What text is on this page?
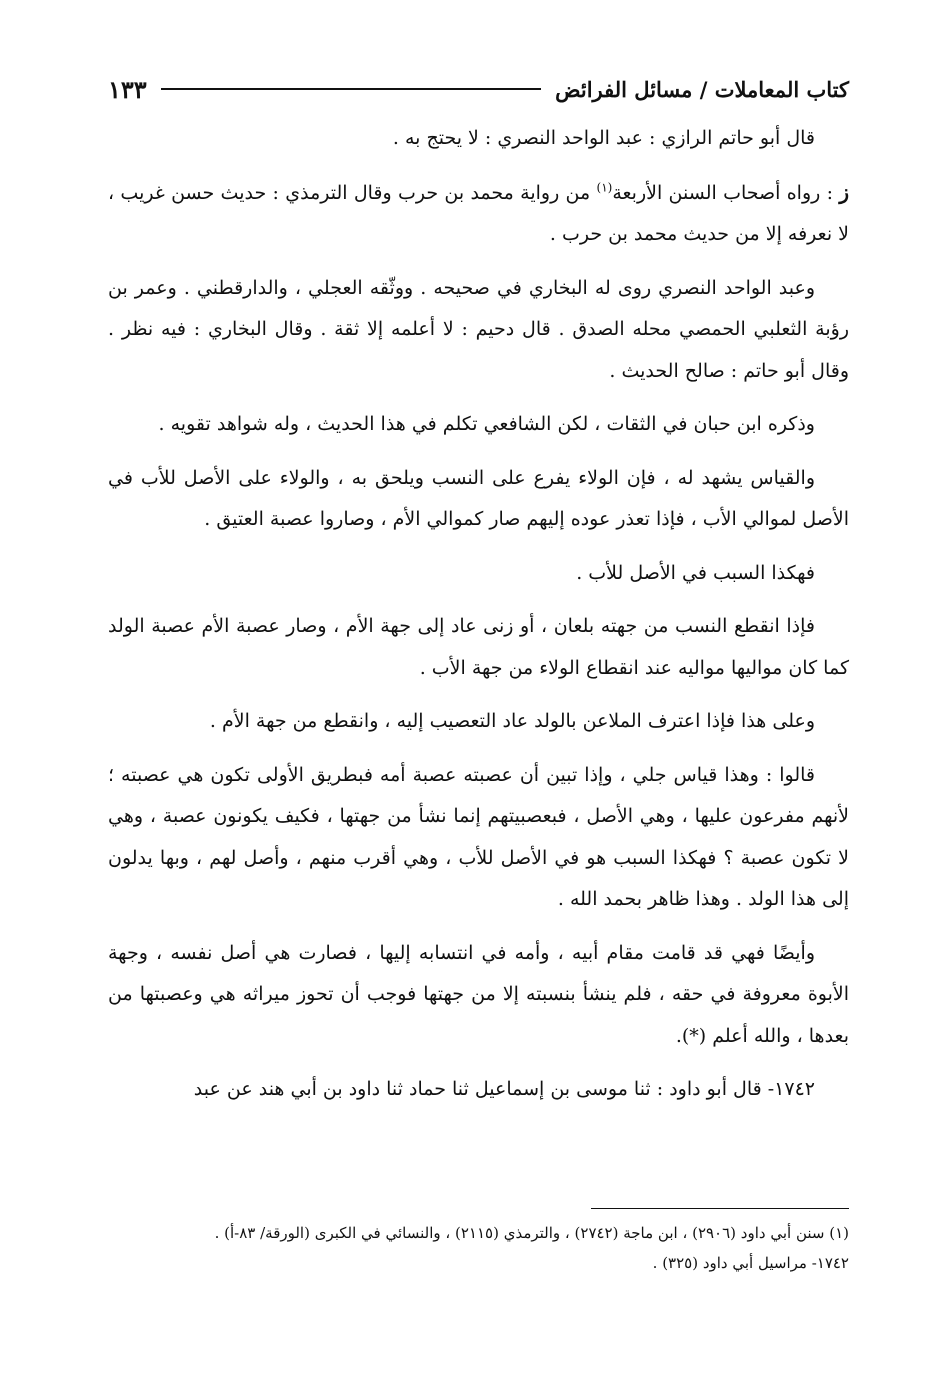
كتاب المعاملات / مسائل الفرائض
١٣٣

قال أبو حاتم الرازي : عبد الواحد النصري : لا يحتج به .

ز : رواه أصحاب السنن الأربعة$^{(١)}$ من رواية محمد بن حرب وقال الترمذي : حديث حسن غريب ، لا نعرفه إلا من حديث محمد بن حرب .

وعبد الواحد النصري روى له البخاري في صحيحه . ووثّقه العجلي ، والدارقطني . وعمر بن رؤبة الثعلبي الحمصي محله الصدق . قال دحيم : لا أعلمه إلا ثقة . وقال البخاري : فيه نظر . وقال أبو حاتم : صالح الحديث .

وذكره ابن حبان في الثقات ، لكن الشافعي تكلم في هذا الحديث ، وله شواهد تقويه .

والقياس يشهد له ، فإن الولاء يفرع على النسب ويلحق به ، والولاء على الأصل للأب في الأصل لموالي الأب ، فإذا تعذر عوده إليهم صار كموالي الأم ، وصاروا عصبة العتيق .

فهكذا السبب في الأصل للأب .

فإذا انقطع النسب من جهته بلعان ، أو زنى عاد إلى جهة الأم ، وصار عصبة الأم عصبة الولد كما كان مواليها مواليه عند انقطاع الولاء من جهة الأب .

وعلى هذا فإذا اعترف الملاعن بالولد عاد التعصيب إليه ، وانقطع من جهة الأم .

قالوا : وهذا قياس جلي ، وإذا تبين أن عصبته عصبة أمه فبطريق الأولى تكون هي عصبته ؛ لأنهم مفرعون عليها ، وهي الأصل ، فبعصبيتهم إنما نشأ من جهتها ، فكيف يكونون عصبة ، وهي لا تكون عصبة ؟ فهكذا السبب هو في الأصل للأب ، وهي أقرب منهم ، وأصل لهم ، وبها يدلون إلى هذا الولد . وهذا ظاهر بحمد الله .

وأيضًا فهي قد قامت مقام أبيه ، وأمه في انتسابه إليها ، فصارت هي أصل نفسه ، وجهة الأبوة معروفة في حقه ، فلم ينشأ بنسبته إلا من جهتها فوجب أن تحوز ميراثه هي وعصبتها من بعدها ، والله أعلم (*).

١٧٤٢- قال أبو داود : ثنا موسى بن إسماعيل ثنا حماد ثنا داود بن أبي هند عن عبد

(١) سنن أبي داود (٢٩٠٦) ، ابن ماجة (٢٧٤٢) ، والترمذي (٢١١٥) ، والنسائي في الكبرى (الورقة/ ٨٣-أ) .

١٧٤٢- مراسيل أبي داود (٣٢٥) .
